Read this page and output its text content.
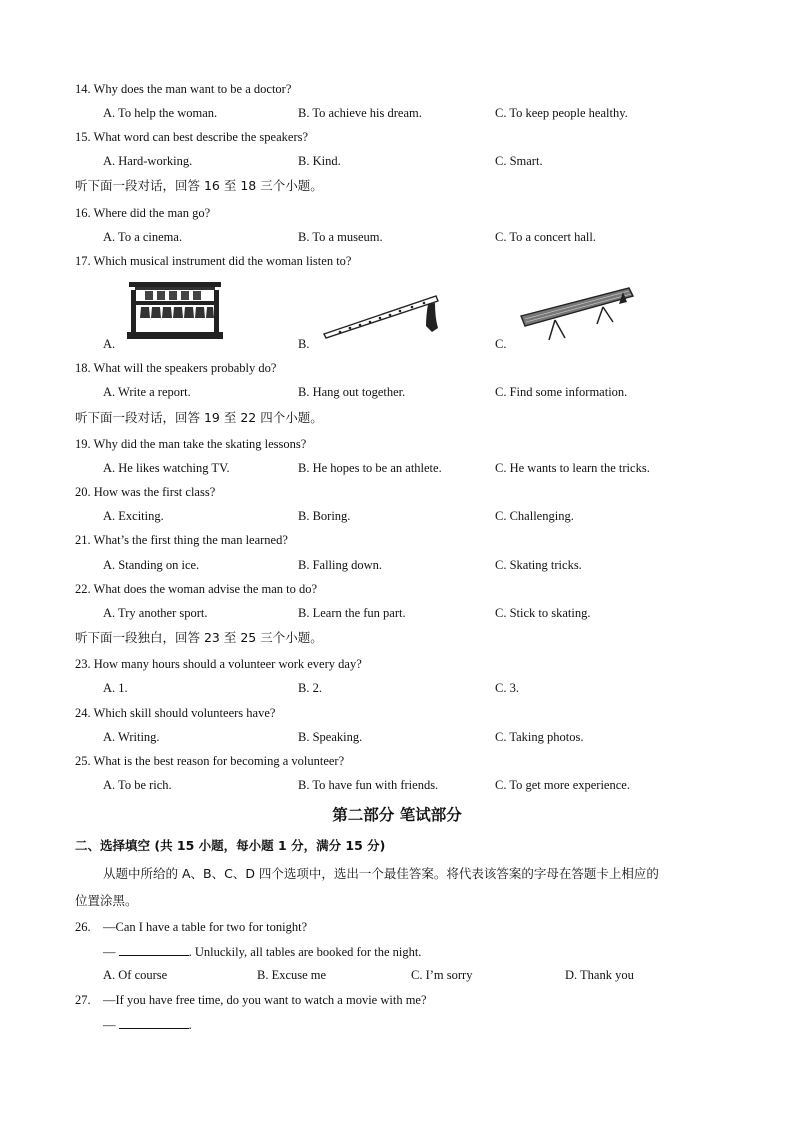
14. Why does the man want to be a doctor?
A. To help the woman.	B. To achieve his dream.	C. To keep people healthy.
15. What word can best describe the speakers?
A. Hard-working.	B. Kind.	C. Smart.
听下面一段对话，回答 16 至 18 三个小题。
16. Where did the man go?
A. To a cinema.	B. To a museum.	C. To a concert hall.
17. Which musical instrument did the woman listen to?
A.	B.	C.
18. What will the speakers probably do?
A. Write a report.	B. Hang out together.	C. Find some information.
听下面一段对话，回答 19 至 22 四个小题。
19. Why did the man take the skating lessons?
A. He likes watching TV.	B. He hopes to be an athlete.	C. He wants to learn the tricks.
20. How was the first class?
A. Exciting.	B. Boring.	C. Challenging.
21. What’s the first thing the man learned?
A. Standing on ice.	B. Falling down.	C. Skating tricks.
22. What does the woman advise the man to do?
A. Try another sport.	B. Learn the fun part.	C. Stick to skating.
听下面一段独白，回答 23 至 25 三个小题。
23. How many hours should a volunteer work every day?
A. 1.	B. 2.	C. 3.
24. Which skill should volunteers have?
A. Writing.	B. Speaking.	C. Taking photos.
25. What is the best reason for becoming a volunteer?
A. To be rich.	B. To have fun with friends.	C. To get more experience.
第二部分 笔试部分
二、选择填空 (共 15 小题，每小题 1 分，满分 15 分)
从题中所给的 A、B、C、D 四个选项中，选出一个最佳答案。将代表该答案的字母在答题卡上相应的
位置涂黑。
26. —Can I have a table for two for tonight?
—	. Unluckily, all tables are booked for the night.
A. Of course	B. Excuse me	C. I’m sorry	D. Thank you
27. —If you have free time, do you want to watch a movie with me?
—	.
